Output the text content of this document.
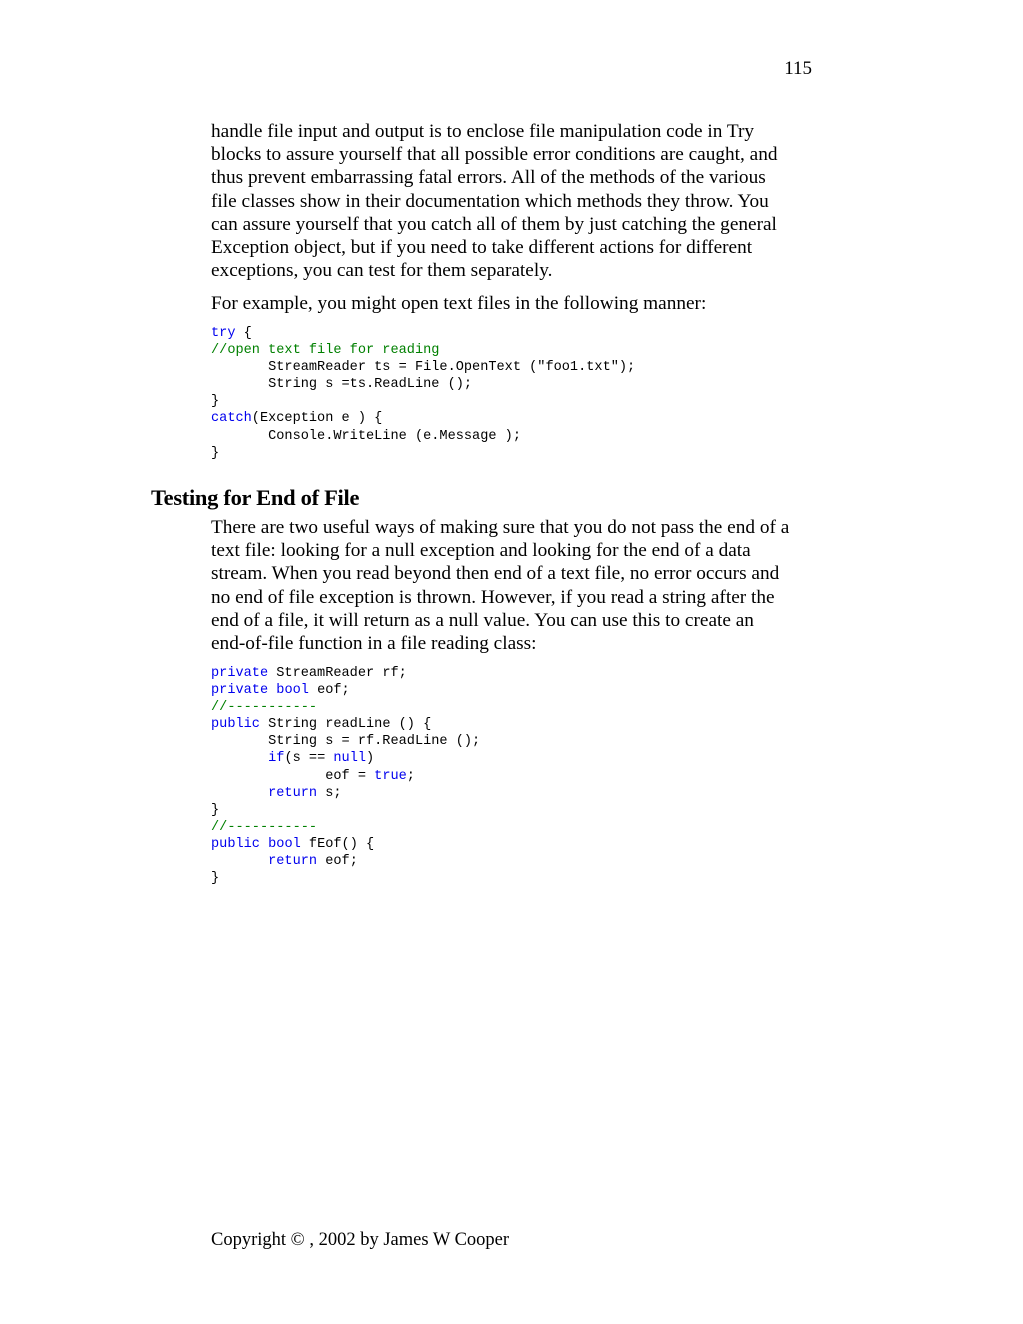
115
handle file input and output is to enclose file manipulation code in Try
blocks to assure yourself that all possible error conditions are caught, and
thus prevent embarrassing fatal errors. All of the methods of the various
file classes show in their documentation which methods they throw. You
can assure yourself that you catch all of them by just catching the general
Exception object, but if you need to take different actions for different
exceptions, you can test for them separately.
For example, you might open text files in the following manner:
try {
//open text file for reading
StreamReader ts = File.OpenText ("foo1.txt");
String s =ts.ReadLine ();
}
catch(Exception e ) {
Console.WriteLine (e.Message );
}
Testing for End of File
There are two useful ways of making sure that you do not pass the end of a
text file: looking for a null exception and looking for the end of a data
stream. When you read beyond then end of a text file, no error occurs and
no end of file exception is thrown. However, if you read a string after the
end of a file, it will return as a null value. You can use this to create an
end-of-file function in a file reading class:
private StreamReader rf;
private bool eof;
//-----------
public String readLine () {
String s = rf.ReadLine ();
if(s == null)
eof = true;
return s;
}
//-----------
public bool fEof() {
return eof;
}
Copyright © , 2002 by James W Cooper
